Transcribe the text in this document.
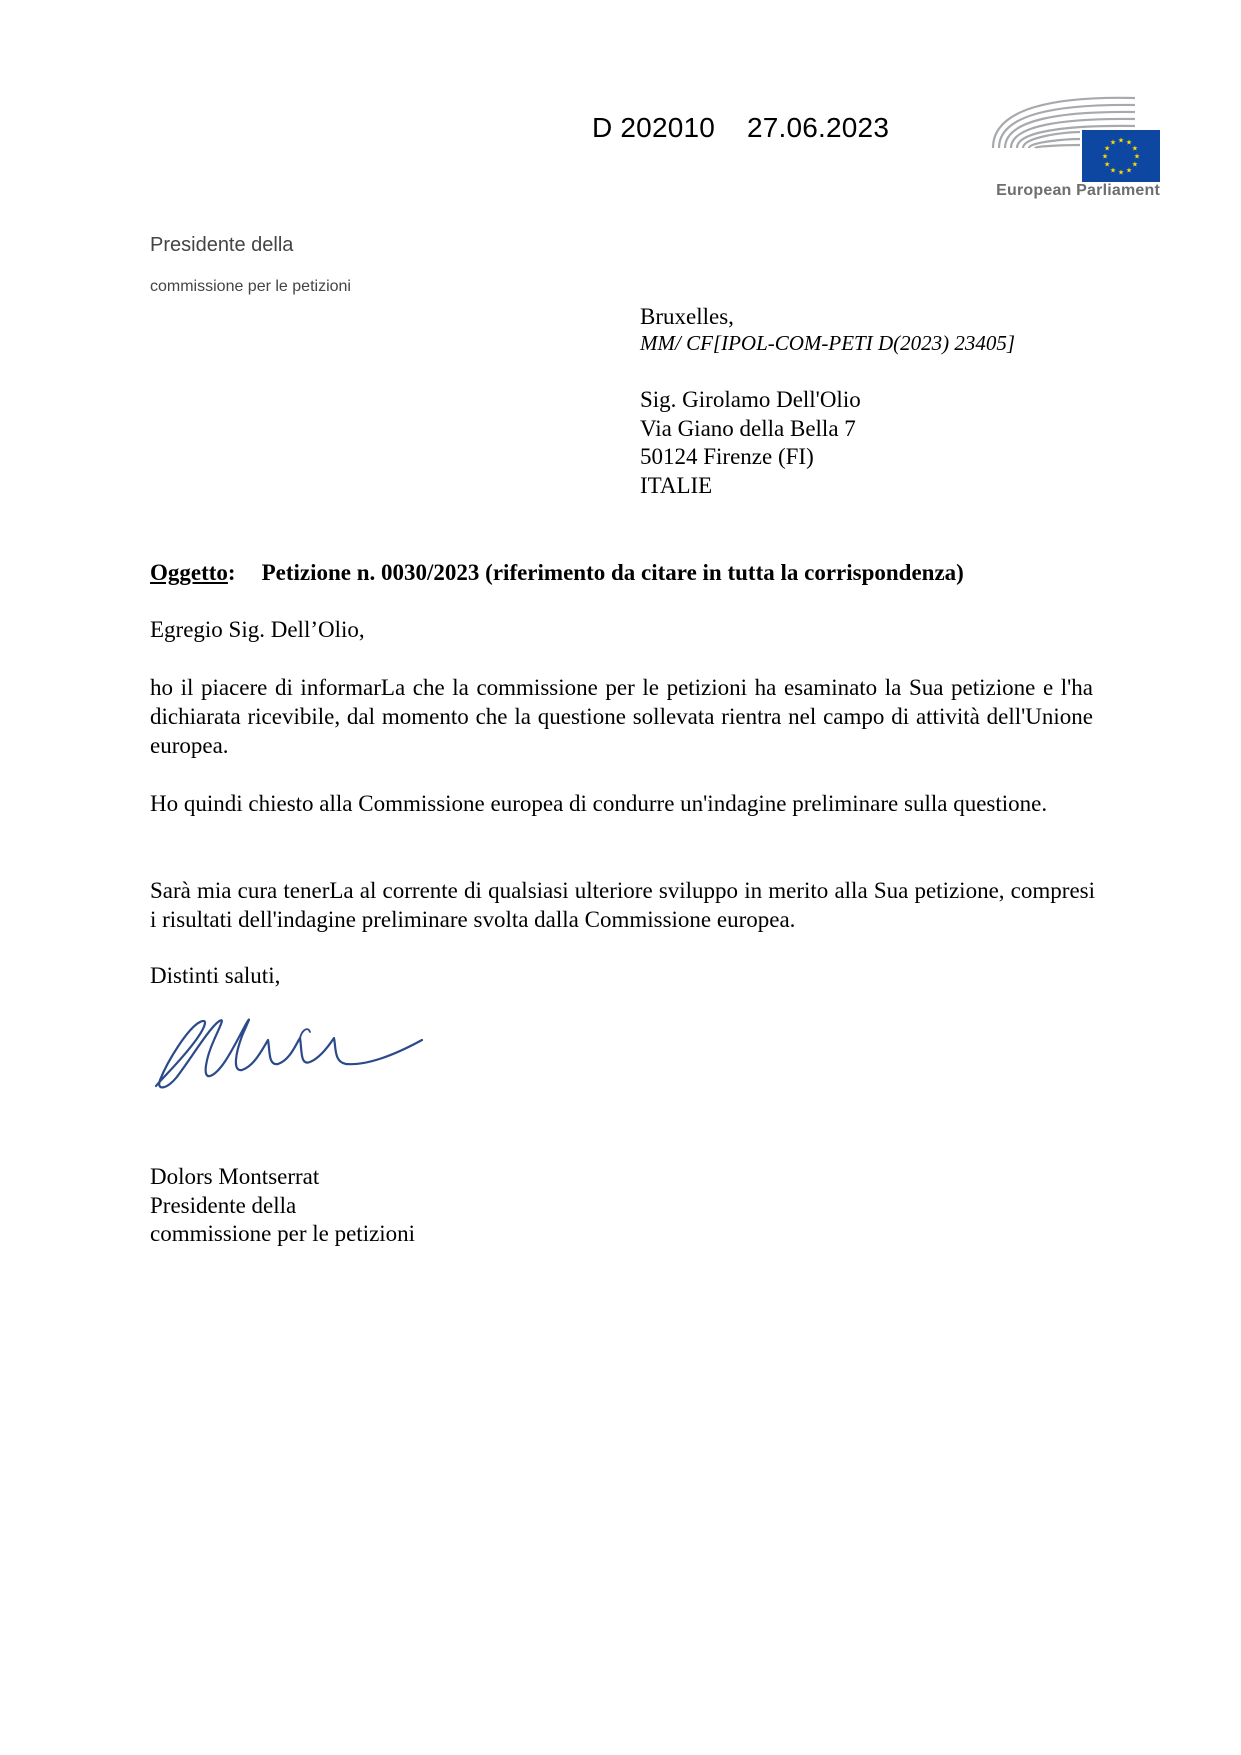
D 202010 27.06.2023	★ ★
★
★
★
★
★
★
★
★
★
★
European Parliament
Presidente della
commissione per le petizioni
Bruxelles,
MM/ CF[IPOL-COM-PETI D(2023) 23405]
Sig. Girolamo Dell'Olio
Via Giano della Bella 7
50124 Firenze (FI)
ITALIE
Oggetto: Petizione n. 0030/2023 (riferimento da citare in tutta la corrispondenza)
Egregio Sig. Dell’Olio,
ho il piacere di informarLa che la commissione per le petizioni ha esaminato la Sua petizione e l'ha dichiarata ricevibile, dal momento che la questione sollevata rientra nel campo di attività dell'Unione europea.
Ho quindi chiesto alla Commissione europea di condurre un'indagine preliminare sulla questione.
Sarà mia cura tenerLa al corrente di qualsiasi ulteriore sviluppo in merito alla Sua petizione, compresi i risultati dell'indagine preliminare svolta dalla Commissione europea.
Distinti saluti,
Dolors Montserrat
Presidente della
commissione per le petizioni
